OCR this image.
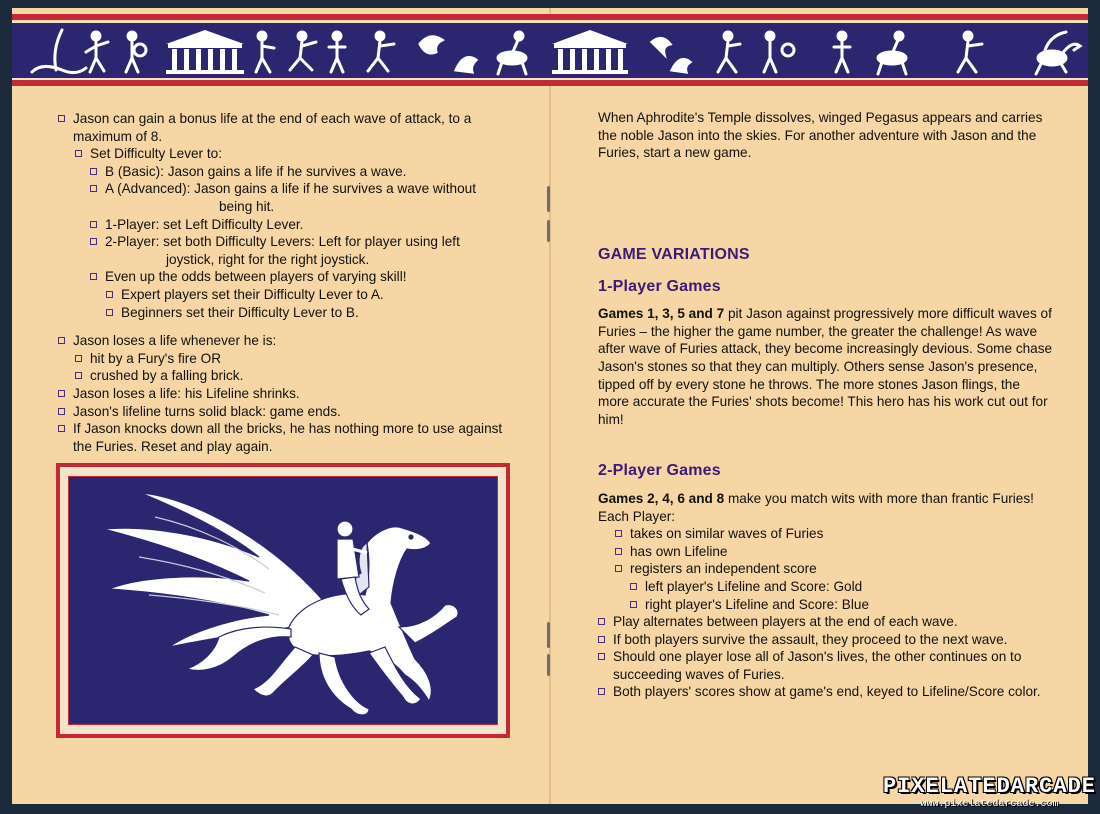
Jason can gain a bonus life at the end of each wave of attack, to a maximum of 8.
Set Difficulty Lever to:
B (Basic): Jason gains a life if he survives a wave.
A (Advanced): Jason gains a life if he survives a wave without
being hit.
1-Player: set Left Difficulty Lever.
2-Player: set both Difficulty Levers: Left for player using left
joystick, right for the right joystick.
Even up the odds between players of varying skill!
Expert players set their Difficulty Lever to A.
Beginners set their Difficulty Lever to B.
Jason loses a life whenever he is:
hit by a Fury's fire OR
crushed by a falling brick.
Jason loses a life: his Lifeline shrinks.
Jason's lifeline turns solid black: game ends.
If Jason knocks down all the bricks, he has nothing more to use against the Furies. Reset and play again.

When Aphrodite's Temple dissolves, winged Pegasus appears and carries the noble Jason into the skies. For another adventure with Jason and the Furies, start a new game.

GAME VARIATIONS
1-Player Games

Games 1, 3, 5 and 7 pit Jason against progressively more difficult waves of Furies – the higher the game number, the greater the challenge! As wave after wave of Furies attack, they become increasingly devious. Some chase Jason's stones so that they can multiply. Others sense Jason's presence, tipped off by every stone he throws. The more stones Jason flings, the more accurate the Furies' shots become! This hero has his work cut out for him!

2-Player Games

Games 2, 4, 6 and 8 make you match wits with more than frantic Furies!

Each Player:

takes on similar waves of Furies
has own Lifeline
registers an independent score
left player's Lifeline and Score: Gold
right player's Lifeline and Score: Blue
Play alternates between players at the end of each wave.
If both players survive the assault, they proceed to the next wave.
Should one player lose all of Jason's lives, the other continues on to succeeding waves of Furies.
Both players' scores show at game's end, keyed to Lifeline/Score color.
PIXELATEDARCADE
www.pixelatedarcade.com
